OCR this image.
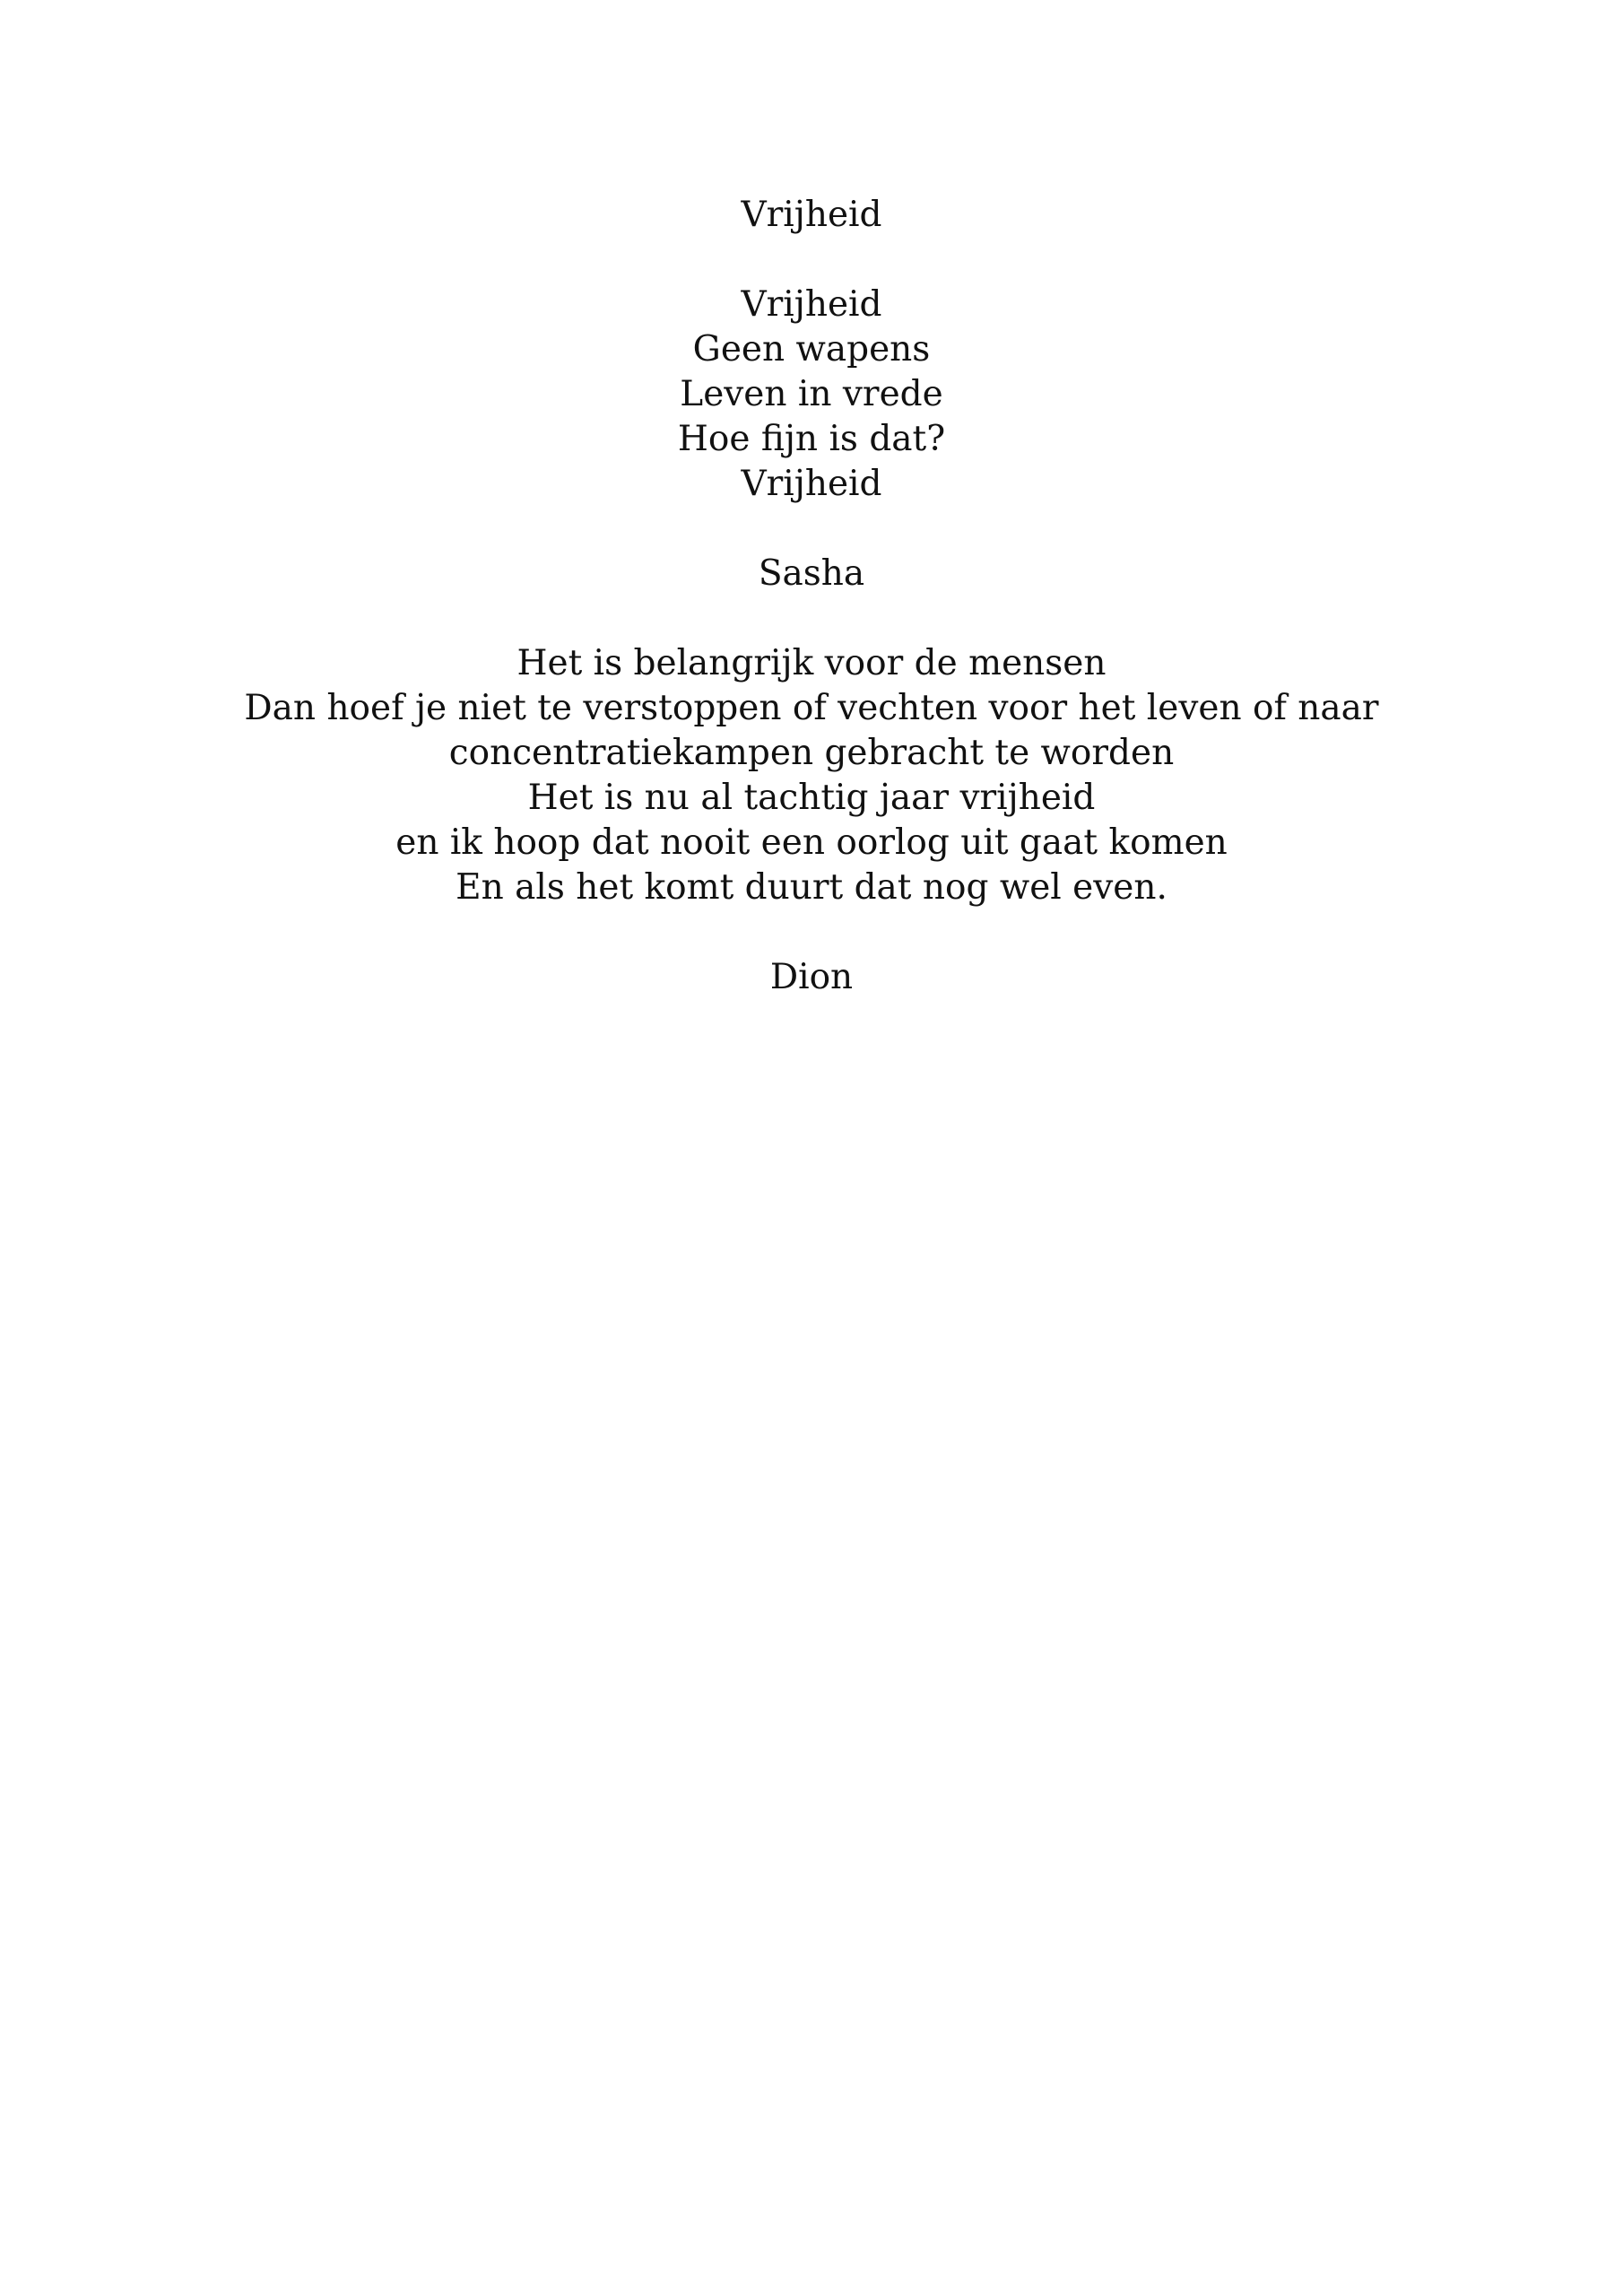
Vrijheid
Vrijheid
Geen wapens
Leven in vrede
Hoe fijn is dat?
Vrijheid
Sasha
Het is belangrijk voor de mensen
Dan hoef je niet te verstoppen of vechten voor het leven of naar
concentratiekampen gebracht te worden
Het is nu al tachtig jaar vrijheid
en ik hoop dat nooit een oorlog uit gaat komen
En als het komt duurt dat nog wel even.
Dion
